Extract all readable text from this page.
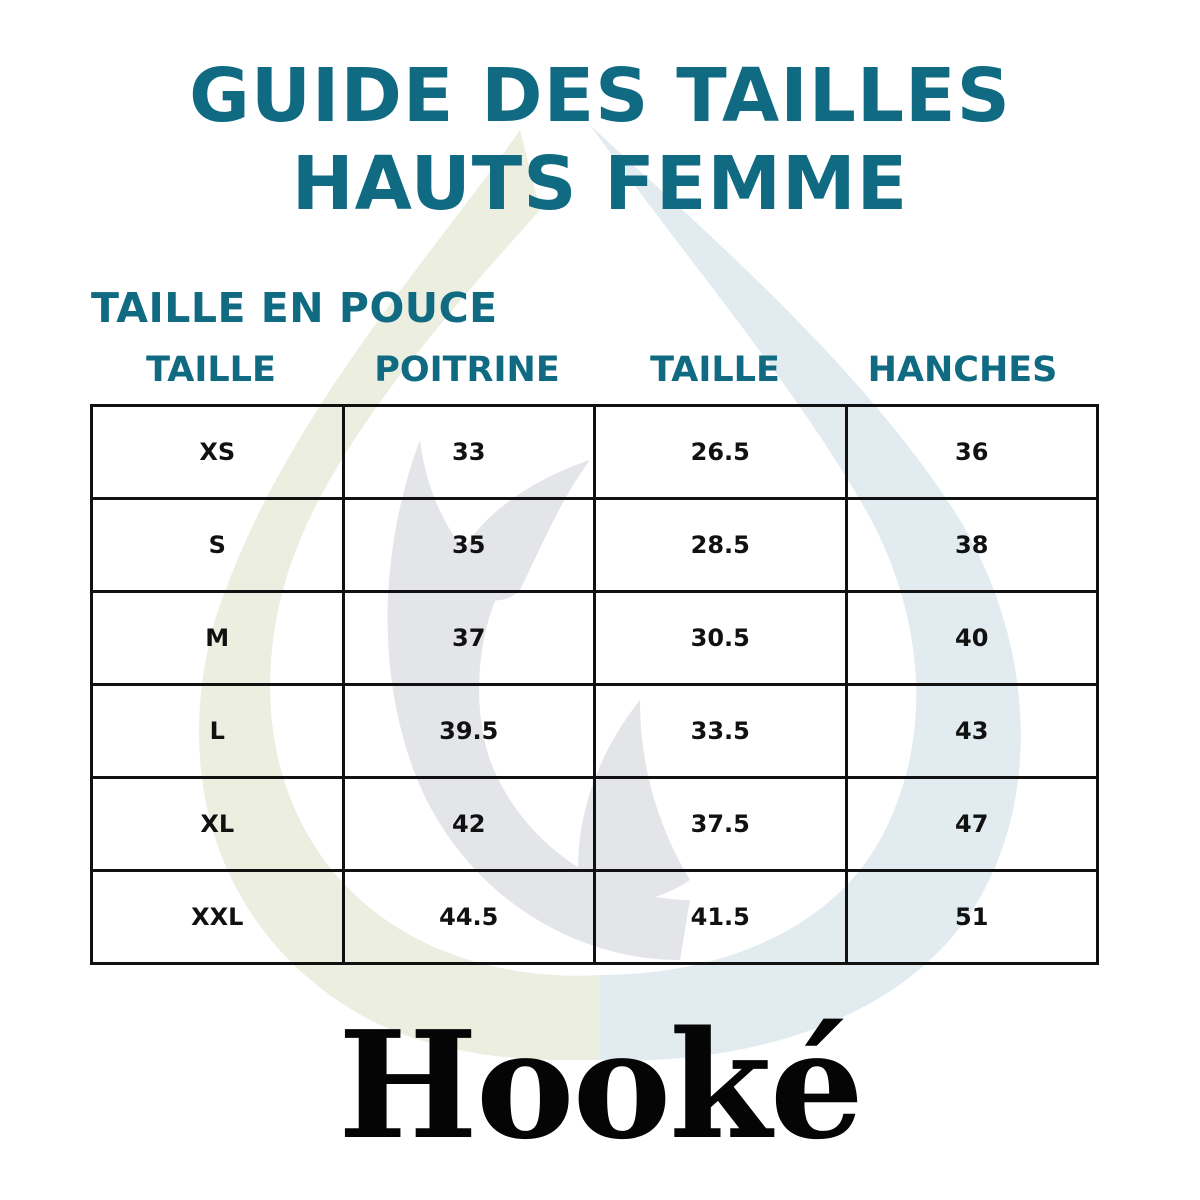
GUIDE DES TAILLES
HAUTS FEMME
TAILLE EN POUCE
TAILLE	POITRINE	TAILLE	HANCHES
XS	33	26.5	36
S	35	28.5	38
M	37	30.5	40
L	39.5	33.5	43
XL	42	37.5	47
XXL	44.5	41.5	51
Hooké
